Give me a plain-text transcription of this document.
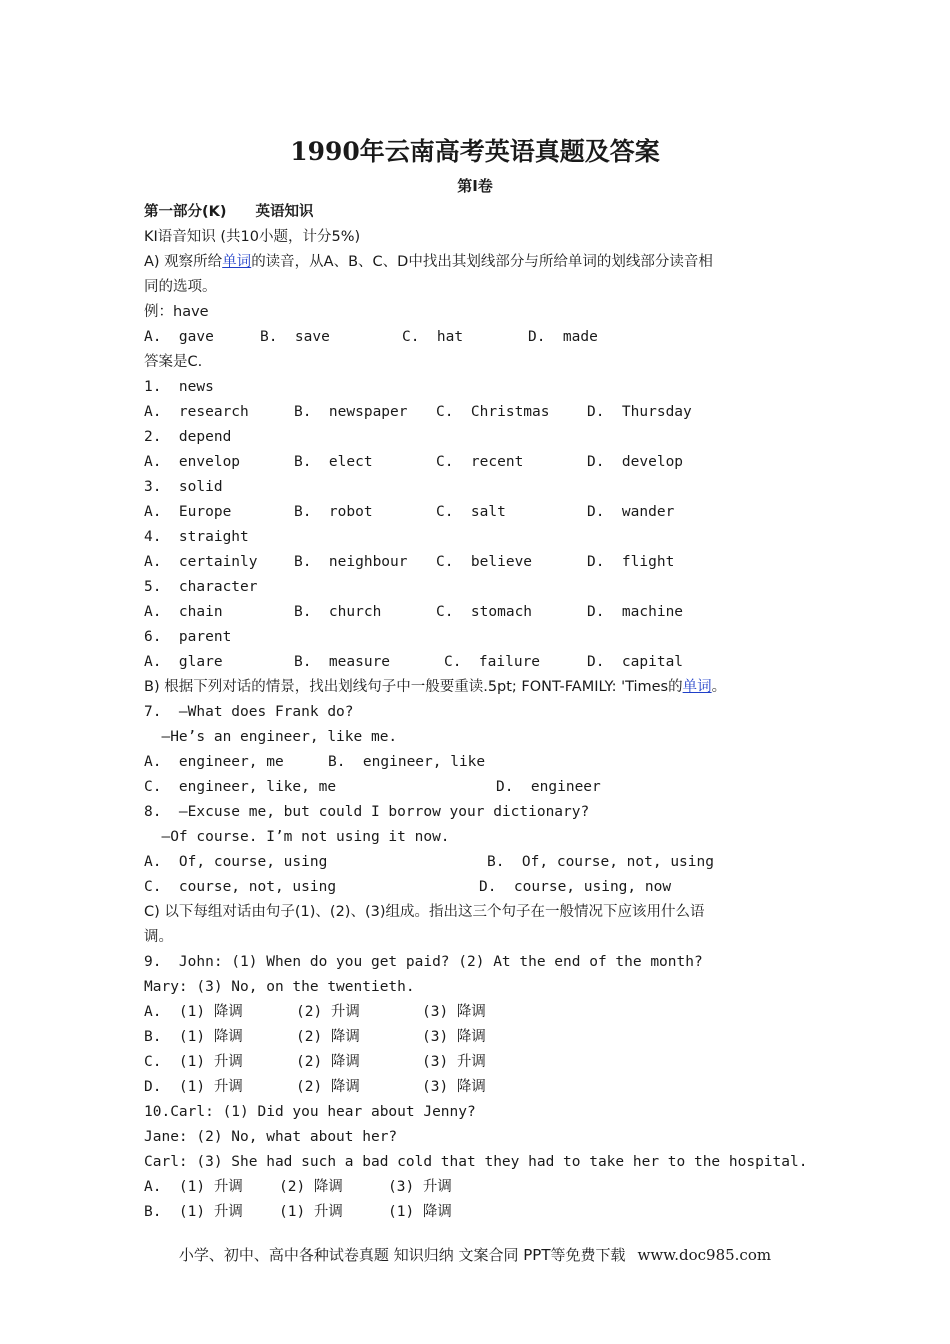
1990年云南高考英语真题及答案
第Ⅰ卷
第一部分(K)　　英语知识
KⅠ语音知识 (共10小题，计分5%)
A) 观察所给单词的读音，从A、B、C、D中找出其划线部分与所给单词的划线部分读音相
同的选项。
例：have

A.  gave

	B.  save

	C.  hat

	D.  made

答案是C.
1.  news

A.  research

	B.  newspaper

C.  Christmas

	D.  Thursday

2.  depend

A.  envelop

	B.  elect

	C.  recent

	D.  develop

3.  solid

A.  Europe

	B.  robot

	C.  salt

	D.  wander

4.  straight

A.  certainly

	B.  neighbour

C.  believe

	D.  flight

5.  character

A.  chain

	B.  church

	C.  stomach

	D.  machine

6.  parent

A.  glare

	B.  measure

	C.  failure

	D.  capital

B) 根据下列对话的情景，找出划线句子中一般要重读.5pt; FONT-FAMILY: 'Times的单词。
7.  —What does Frank do?
—He’s an engineer, like me.

A.  engineer, me

	B.  engineer, like

C.  engineer, like, me

	D.  engineer

8.  —Excuse me, but could I borrow your dictionary?
—Of course. I’m not using it now.

A.  Of, course, using

	B.  Of, course, not, using

C.  course, not, using

	D.  course, using, now

C) 以下每组对话由句子(1)、(2)、(3)组成。指出这三个句子在一般情况下应该用什么语
调。
9.  John: (1) When do you get paid? (2) At the end of the month?
Mary: (3) No, on the twentieth.

A.  (1) 降调

	(2) 升调

	(3) 降调

B.  (1) 降调

	(2) 降调

	(3) 降调

C.  (1) 升调

	(2) 降调

	(3) 升调

D.  (1) 升调

	(2) 降调

	(3) 降调

10.Carl: (1) Did you hear about Jenny?
Jane: (2) No, what about her?
Carl: (3) She had such a bad cold that they had to take her to the hospital.

A.  (1) 升调

(2) 降调

	(3) 升调

B.  (1) 升调

(1) 升调

	(1) 降调

小学、初中、高中各种试卷真题 知识归纳 文案合同 PPT等免费下载 www.doc985.com
